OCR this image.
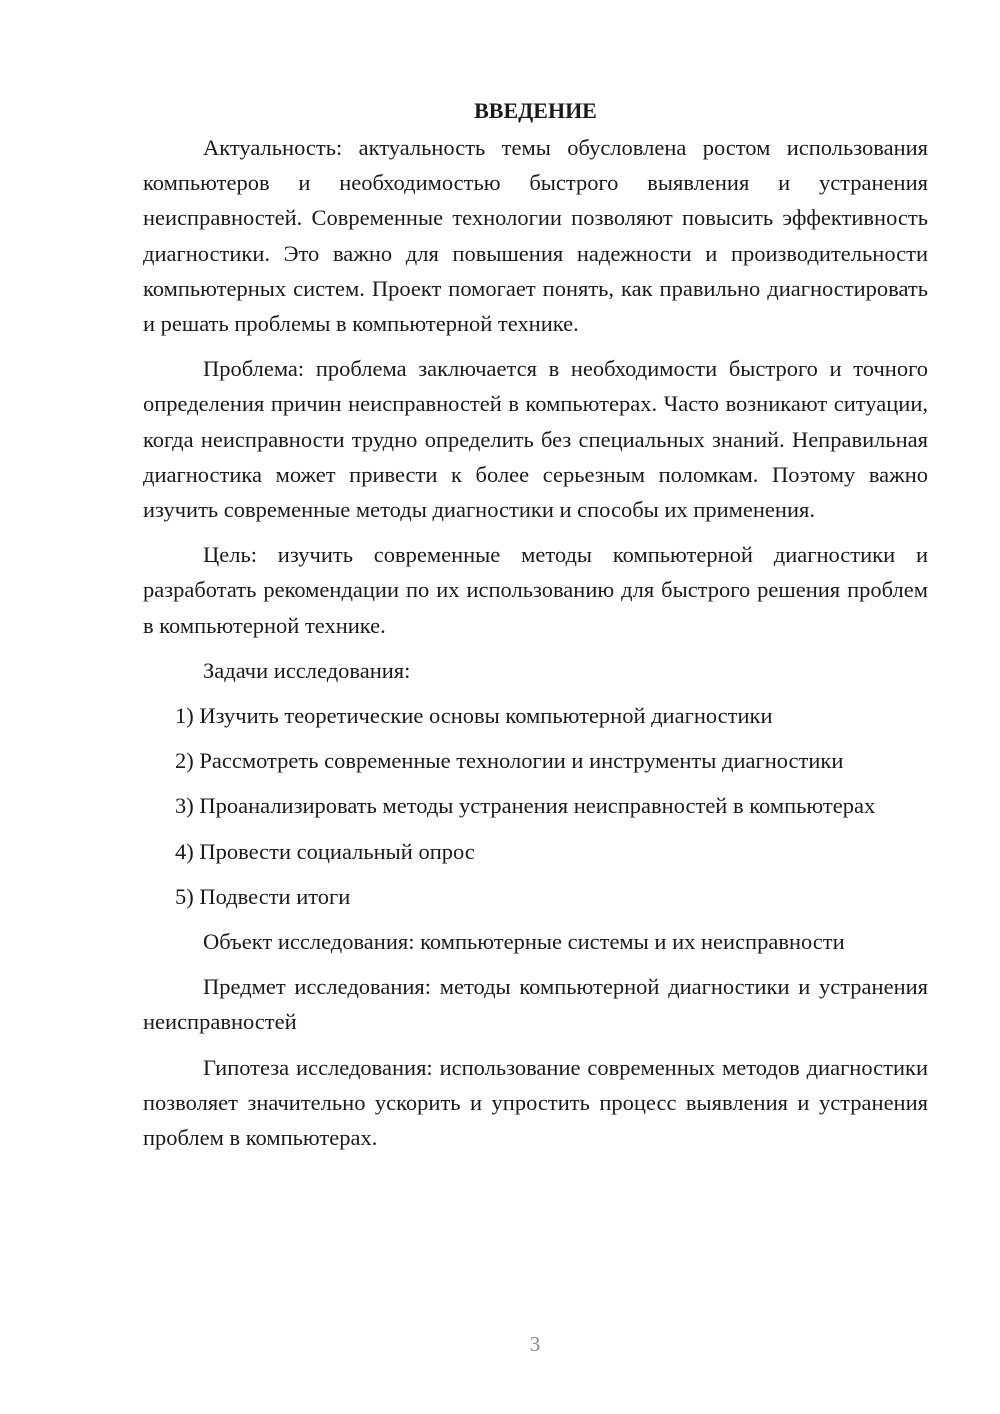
ВВЕДЕНИЕ

Актуальность: актуальность темы обусловлена ростом использования компьютеров и необходимостью быстрого выявления и устранения неисправностей. Современные технологии позволяют повысить эффективность диагностики. Это важно для повышения надежности и производительности компьютерных систем. Проект помогает понять, как правильно диагностировать и решать проблемы в компьютерной технике.

Проблема: проблема заключается в необходимости быстрого и точного определения причин неисправностей в компьютерах. Часто возникают ситуации, когда неисправности трудно определить без специальных знаний. Неправильная диагностика может привести к более серьезным поломкам. Поэтому важно изучить современные методы диагностики и способы их применения.

Цель: изучить современные методы компьютерной диагностики и разработать рекомендации по их использованию для быстрого решения проблем в компьютерной технике.

Задачи исследования:

1) Изучить теоретические основы компьютерной диагностики

2) Рассмотреть современные технологии и инструменты диагностики

3) Проанализировать методы устранения неисправностей в компьютерах

4) Провести социальный опрос

5) Подвести итоги

Объект исследования: компьютерные системы и их неисправности

Предмет исследования: методы компьютерной диагностики и устранения неисправностей

Гипотеза исследования: использование современных методов диагностики позволяет значительно ускорить и упростить процесс выявления и устранения проблем в компьютерах.

3
